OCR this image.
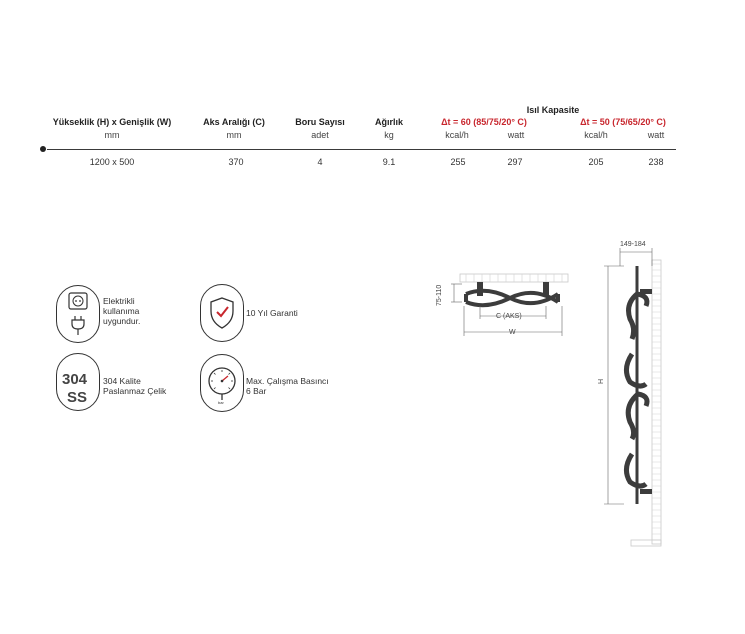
Isıl Kapasite
Yükseklik (H) x Genişlik (W)	Aks Aralığı (C)	Boru Sayısı	Ağırlık	Δt = 60 (85/75/20° C)	Δt = 50 (75/65/20° C)
mm	mm	adet	kg	kcal/h	watt	kcal/h	watt
1200 x 500	370	4	9.1	255	297	205	238
Elektrikli
kullanıma
uygundur.
10 Yıl Garanti
304
SS
304 Kalite
Paslanmaz Çelik
bar
Max. Çalışma Basıncı
6 Bar
75-110
C (AKS)
W
149-184
H
